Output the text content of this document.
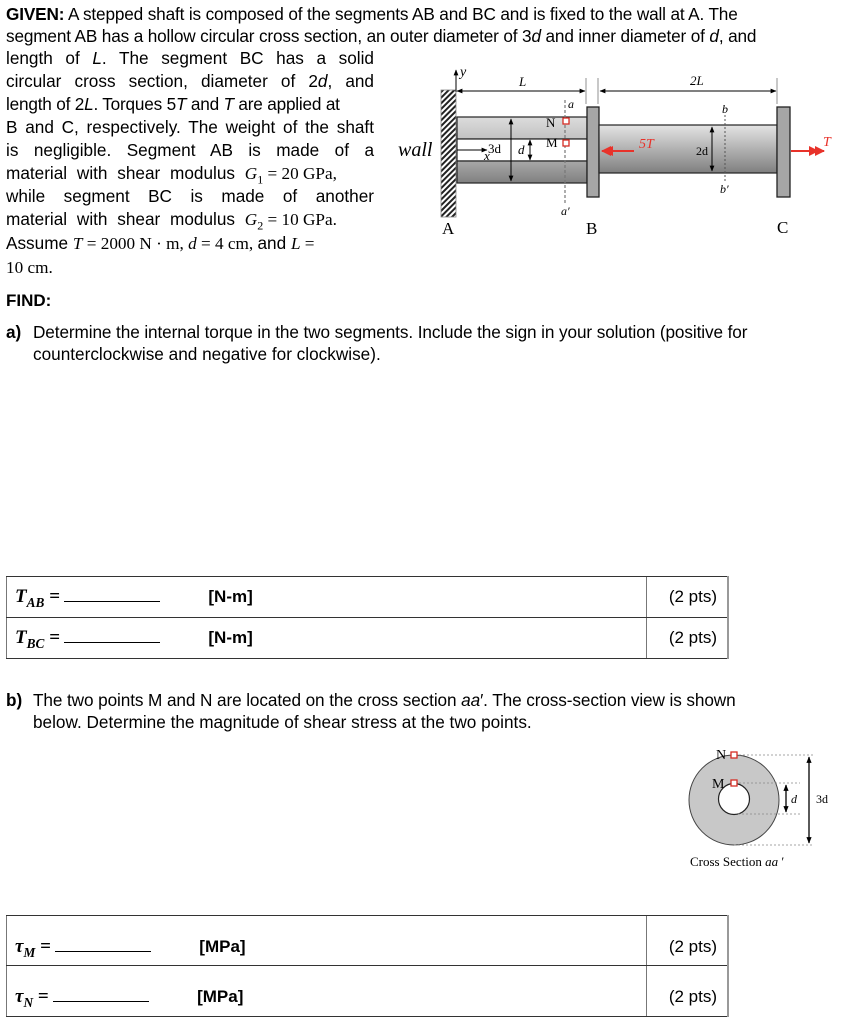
GIVEN: A stepped shaft is composed of the segments AB and BC and is fixed to the wall at A. The
segment AB has a hollow circular cross section, an outer diameter of 3d and inner diameter of d, and
length of L. The segment BC has a solid
circular cross section, diameter of 2d, and
length of 2L. Torques 5T and T are applied at
B and C, respectively. The weight of the shaft
is negligible. Segment AB is made of a
material with shear modulus $G_1 = 20$ GPa,
while segment BC is made of another
material with shear modulus $G_2 = 10$ GPa.
Assume T = 2000 N · m, d = 4 cm, and L =
10 cm.
wall
y
x
3d d
L
a
a′
N
M
2L
2d
b
b′
5T	T
A	B	C
FIND:
a) Determine the internal torque in the two segments. Include the sign in your solution (positive for
counterclockwise and negative for clockwise).
$T_{AB} = [N-m]$	(2 pts)
$T_{BC} = [N-m]$	(2 pts)
b) The two points M and N are located on the cross section aa′. The cross-section view is shown
below. Determine the magnitude of shear stress at the two points.
d 3d
N
M
Cross Section aa ′
$\tau_M = [MPa]$	(2 pts)
$\tau_N = [MPa]$	(2 pts)
